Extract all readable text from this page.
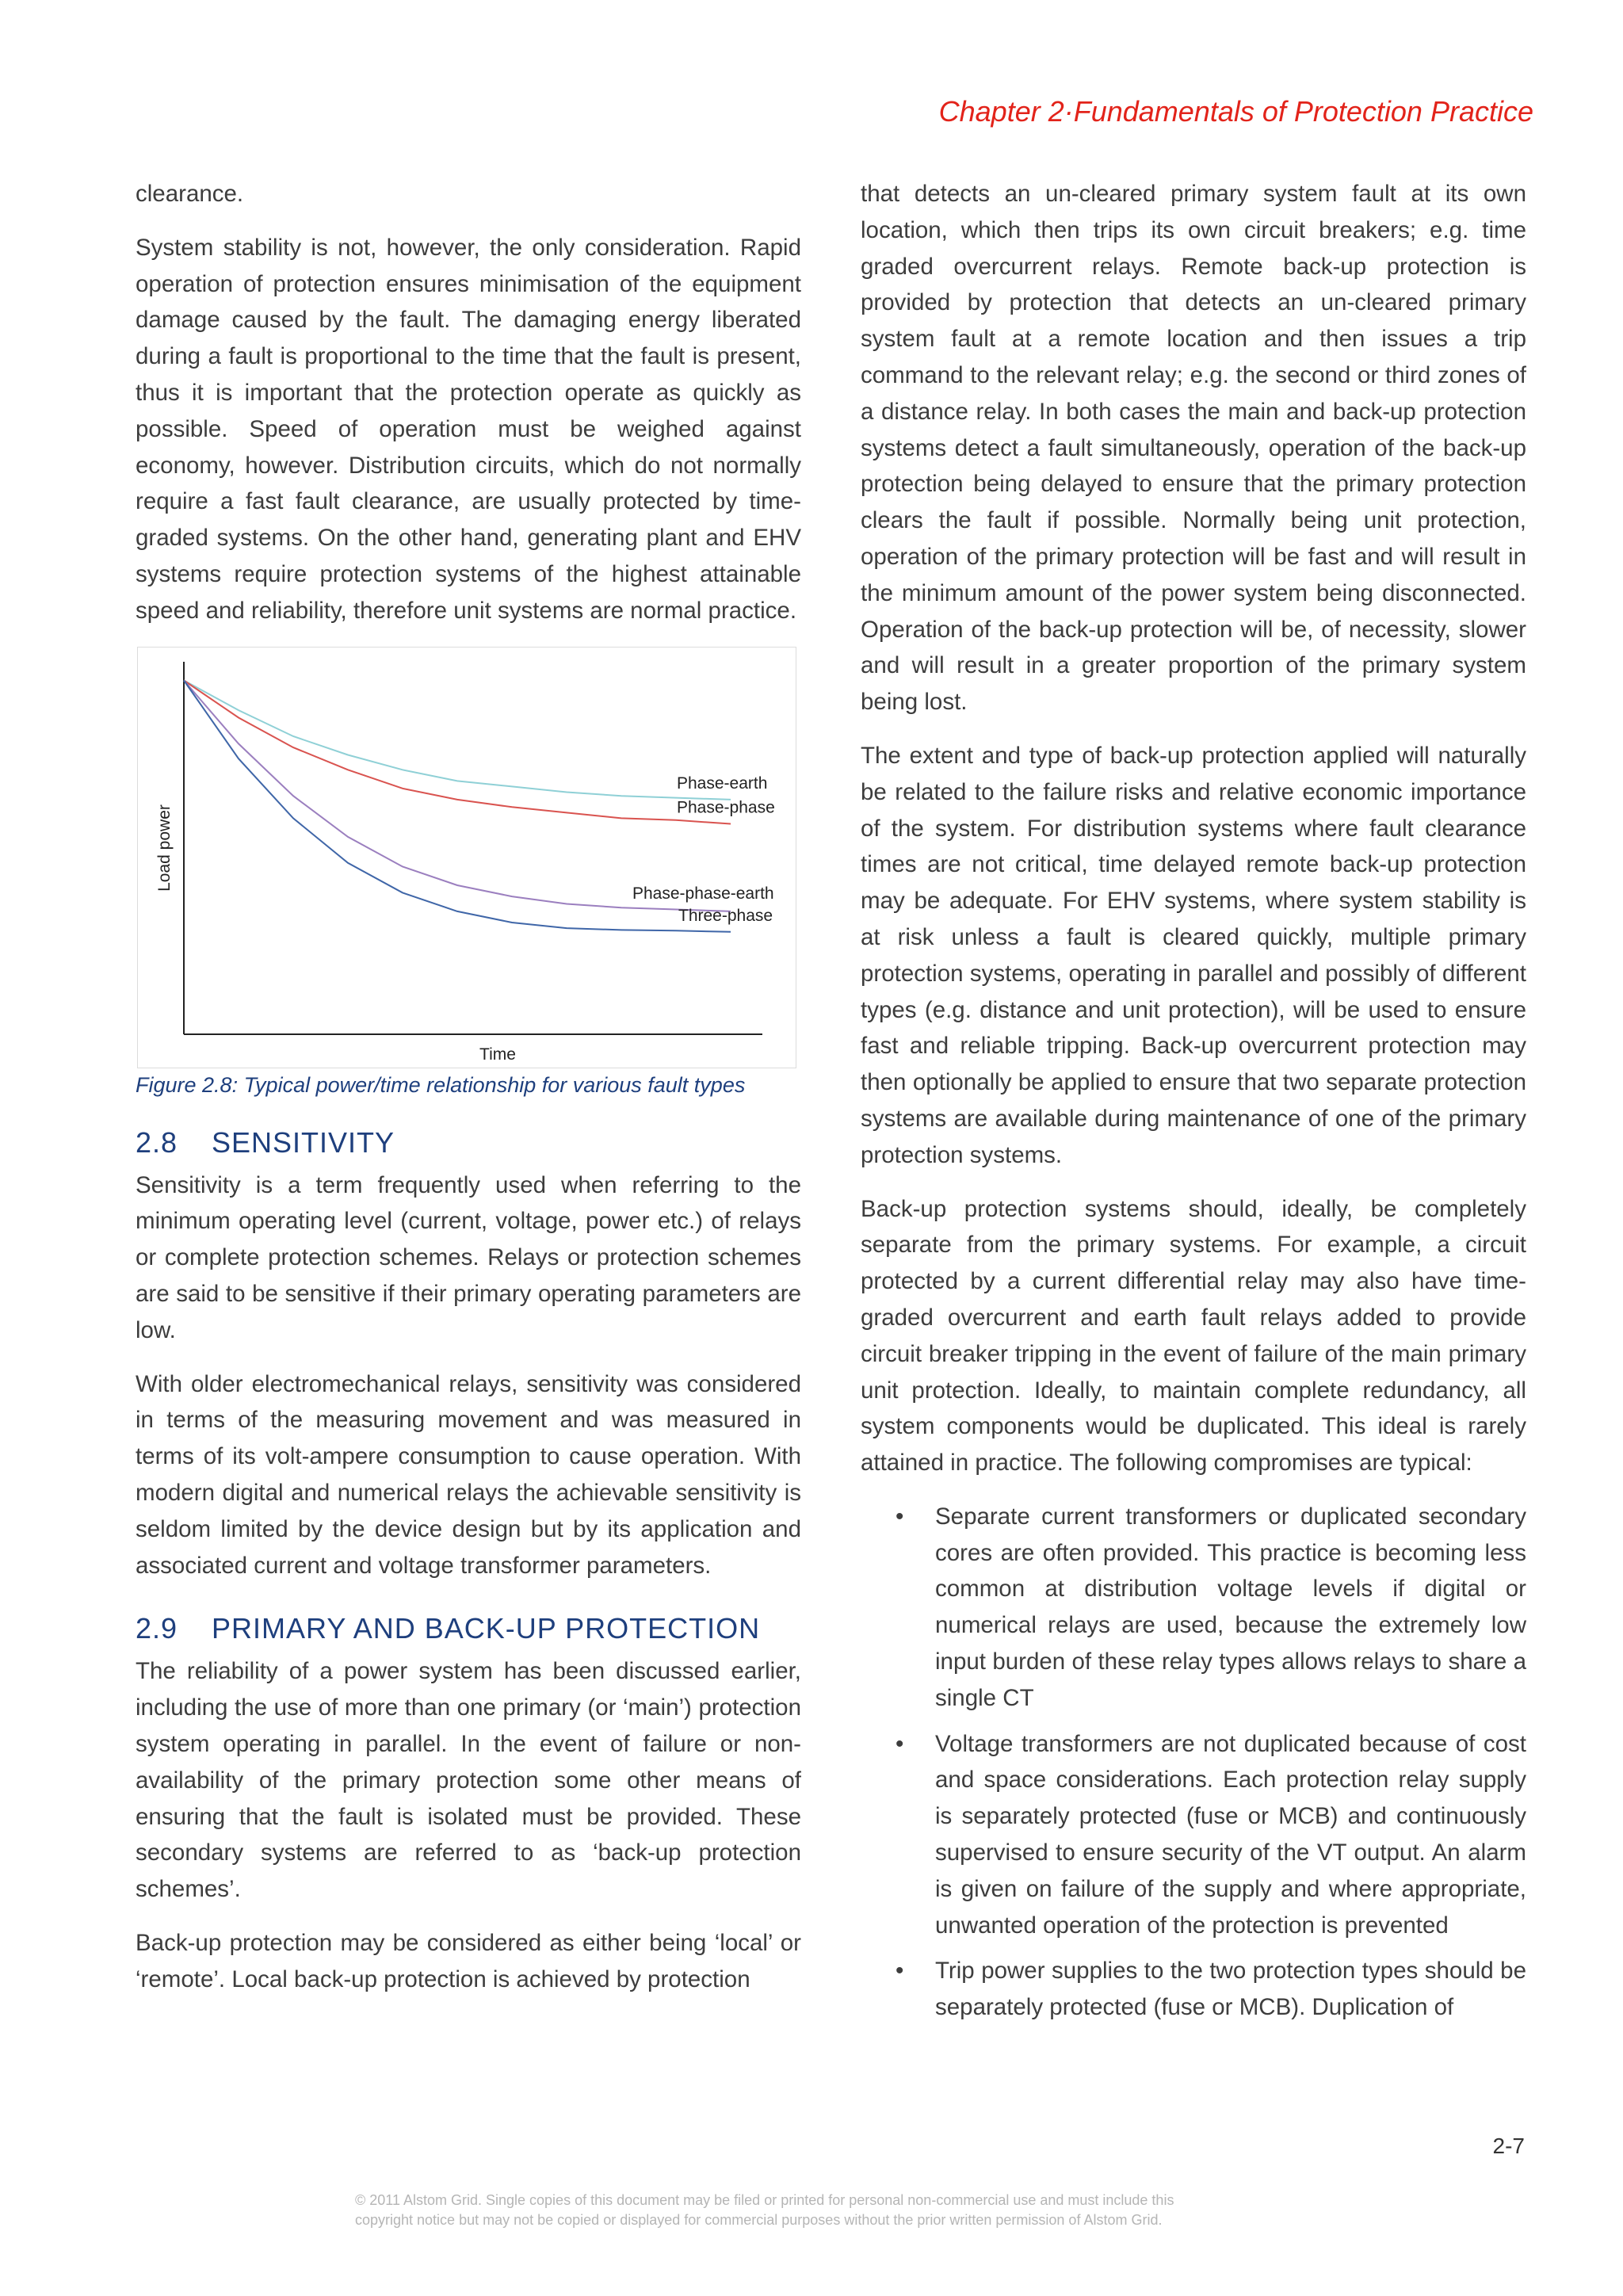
Chapter 2·Fundamentals of Protection Practice

clearance.

System stability is not, however, the only consideration. Rapid operation of protection ensures minimisation of the equipment damage caused by the fault. The damaging energy liberated during a fault is proportional to the time that the fault is present, thus it is important that the protection operate as quickly as possible. Speed of operation must be weighed against economy, however. Distribution circuits, which do not normally require a fast fault clearance, are usually protected by time-graded systems. On the other hand, generating plant and EHV systems require protection systems of the highest attainable speed and reliability, therefore unit systems are normal practice.

Phase-earth
Phase-phase
Phase-phase-earth
Three-phase
Time
Load power
Figure 2.8: Typical power/time relationship for various fault types
2.8 SENSITIVITY

Sensitivity is a term frequently used when referring to the minimum operating level (current, voltage, power etc.) of relays or complete protection schemes. Relays or protection schemes are said to be sensitive if their primary operating parameters are low.

With older electromechanical relays, sensitivity was considered in terms of the measuring movement and was measured in terms of its volt-ampere consumption to cause operation. With modern digital and numerical relays the achievable sensitivity is seldom limited by the device design but by its application and associated current and voltage transformer parameters.

2.9 PRIMARY AND BACK-UP PROTECTION

The reliability of a power system has been discussed earlier, including the use of more than one primary (or ‘main’) protection system operating in parallel. In the event of failure or non-availability of the primary protection some other means of ensuring that the fault is isolated must be provided. These secondary systems are referred to as ‘back-up protection schemes’.

Back-up protection may be considered as either being ‘local’ or ‘remote’. Local back-up protection is achieved by protection

that detects an un-cleared primary system fault at its own location, which then trips its own circuit breakers; e.g. time graded overcurrent relays. Remote back-up protection is provided by protection that detects an un-cleared primary system fault at a remote location and then issues a trip command to the relevant relay; e.g. the second or third zones of a distance relay. In both cases the main and back-up protection systems detect a fault simultaneously, operation of the back-up protection being delayed to ensure that the primary protection clears the fault if possible. Normally being unit protection, operation of the primary protection will be fast and will result in the minimum amount of the power system being disconnected. Operation of the back-up protection will be, of necessity, slower and will result in a greater proportion of the primary system being lost.

The extent and type of back-up protection applied will naturally be related to the failure risks and relative economic importance of the system. For distribution systems where fault clearance times are not critical, time delayed remote back-up protection may be adequate. For EHV systems, where system stability is at risk unless a fault is cleared quickly, multiple primary protection systems, operating in parallel and possibly of different types (e.g. distance and unit protection), will be used to ensure fast and reliable tripping. Back-up overcurrent protection may then optionally be applied to ensure that two separate protection systems are available during maintenance of one of the primary protection systems.

Back-up protection systems should, ideally, be completely separate from the primary systems. For example, a circuit protected by a current differential relay may also have time-graded overcurrent and earth fault relays added to provide circuit breaker tripping in the event of failure of the main primary unit protection. Ideally, to maintain complete redundancy, all system components would be duplicated. This ideal is rarely attained in practice. The following compromises are typical:

• Separate current transformers or duplicated secondary cores are often provided. This practice is becoming less common at distribution voltage levels if digital or numerical relays are used, because the extremely low input burden of these relay types allows relays to share a single CT
• Voltage transformers are not duplicated because of cost and space considerations. Each protection relay supply is separately protected (fuse or MCB) and continuously supervised to ensure security of the VT output. An alarm is given on failure of the supply and where appropriate, unwanted operation of the protection is prevented
• Trip power supplies to the two protection types should be separately protected (fuse or MCB). Duplication of
2-7
© 2011 Alstom Grid. Single copies of this document may be filed or printed for personal non-commercial use and must include this
copyright notice but may not be copied or displayed for commercial purposes without the prior written permission of Alstom Grid.
